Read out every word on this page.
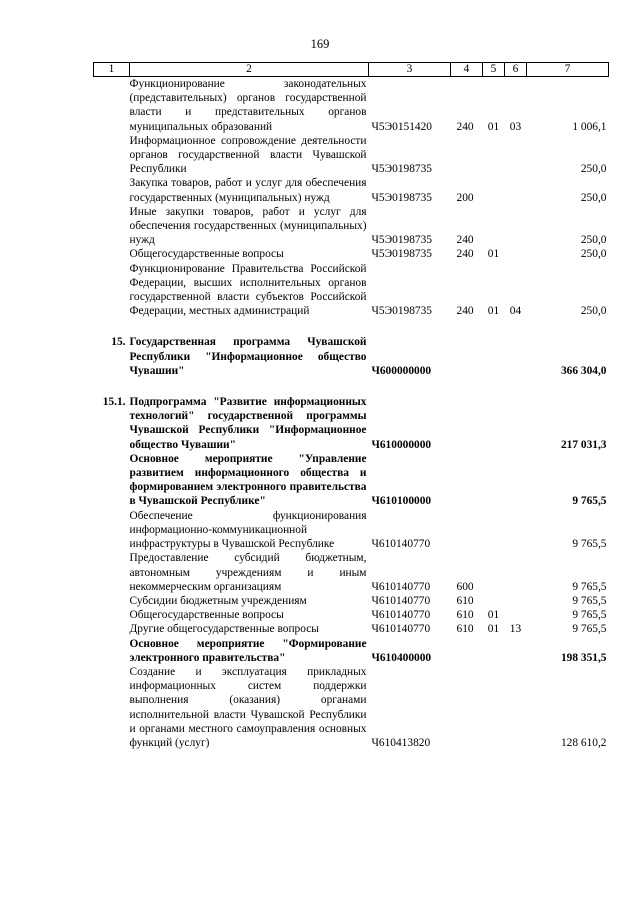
169
1	2	3	4	5	6	7
	Функционирование законодательных (представительных) органов государственной власти и представительных органов муниципальных образований	Ч5Э0151420	240	01	03	1 006,1
	Информационное сопровождение деятельности органов государственной власти Чувашской Республики	Ч5Э0198735				250,0
	Закупка товаров, работ и услуг для обеспечения государственных (муниципальных) нужд	Ч5Э0198735	200			250,0
	Иные закупки товаров, работ и услуг для обеспечения государственных (муниципальных) нужд	Ч5Э0198735	240			250,0
	Общегосударственные вопросы	Ч5Э0198735	240	01		250,0
	Функционирование Правительства Российской Федерации, высших исполнительных органов государственной власти субъектов Российской Федерации, местных администраций	Ч5Э0198735	240	01	04	250,0

15.	Государственная программа Чувашской Республики "Информационное общество Чувашии"	Ч600000000				366 304,0

15.1.	Подпрограмма "Развитие информационных технологий" государственной программы Чувашской Республики "Информационное общество Чувашии"	Ч610000000				217 031,3
	Основное мероприятие "Управление развитием информационного общества и формированием электронного правительства в Чувашской Республике"	Ч610100000				9 765,5
	Обеспечение функционирования информационно-коммуникационной инфраструктуры в Чувашской Республике	Ч610140770				9 765,5
	Предоставление субсидий бюджетным, автономным учреждениям и иным некоммерческим организациям	Ч610140770	600			9 765,5
	Субсидии бюджетным учреждениям	Ч610140770	610			9 765,5
	Общегосударственные вопросы	Ч610140770	610	01		9 765,5
	Другие общегосударственные вопросы	Ч610140770	610	01	13	9 765,5
	Основное мероприятие "Формирование электронного правительства"	Ч610400000				198 351,5
	Создание и эксплуатация прикладных информационных систем поддержки выполнения (оказания) органами исполнительной власти Чувашской Республики и органами местного самоуправления основных функций (услуг)	Ч610413820				128 610,2
